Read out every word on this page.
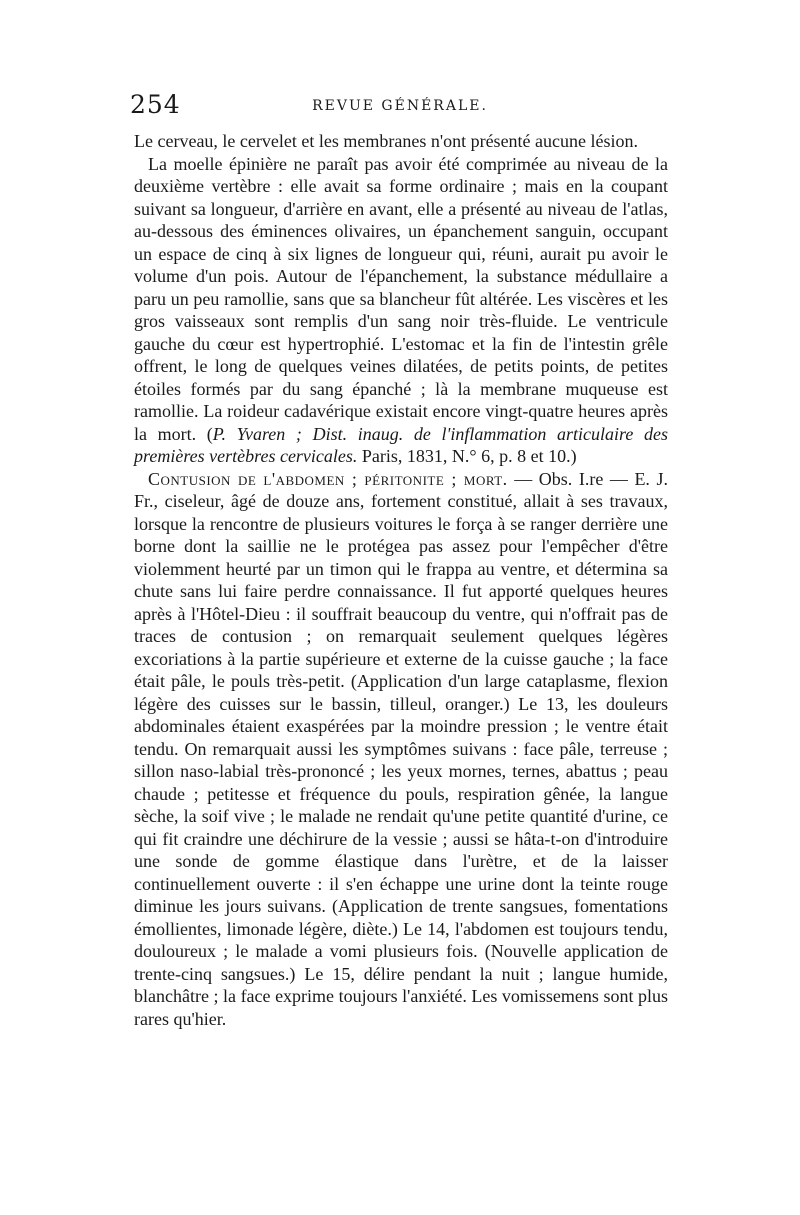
254	REVUE GÉNÉRALE.

Le cerveau, le cervelet et les membranes n'ont présenté aucune lésion.

La moelle épinière ne paraît pas avoir été comprimée au niveau de la deuxième vertèbre : elle avait sa forme ordinaire ; mais en la coupant suivant sa longueur, d'arrière en avant, elle a présenté au niveau de l'atlas, au-dessous des éminences olivaires, un épanchement sanguin, occupant un espace de cinq à six lignes de longueur qui, réuni, aurait pu avoir le volume d'un pois. Autour de l'épanchement, la substance médullaire a paru un peu ramollie, sans que sa blancheur fût altérée. Les viscères et les gros vaisseaux sont remplis d'un sang noir très-fluide. Le ventricule gauche du cœur est hypertrophié. L'estomac et la fin de l'intestin grêle offrent, le long de quelques veines dilatées, de petits points, de petites étoiles formés par du sang épanché ; là la membrane muqueuse est ramollie. La roideur cadavérique existait encore vingt-quatre heures après la mort. (P. Yvaren ; Dist. inaug. de l'inflammation articulaire des premières vertèbres cervicales. Paris, 1831, N.° 6, p. 8 et 10.)

Contusion de l'abdomen ; péritonite ; mort. — Obs. I.re — E. J. Fr., ciseleur, âgé de douze ans, fortement constitué, allait à ses travaux, lorsque la rencontre de plusieurs voitures le força à se ranger derrière une borne dont la saillie ne le protégea pas assez pour l'empêcher d'être violemment heurté par un timon qui le frappa au ventre, et détermina sa chute sans lui faire perdre connaissance. Il fut apporté quelques heures après à l'Hôtel-Dieu : il souffrait beaucoup du ventre, qui n'offrait pas de traces de contusion ; on remarquait seulement quelques légères excoriations à la partie supérieure et externe de la cuisse gauche ; la face était pâle, le pouls très-petit. (Application d'un large cataplasme, flexion légère des cuisses sur le bassin, tilleul, oranger.) Le 13, les douleurs abdominales étaient exaspérées par la moindre pression ; le ventre était tendu. On remarquait aussi les symptômes suivans : face pâle, terreuse ; sillon naso-labial très-prononcé ; les yeux mornes, ternes, abattus ; peau chaude ; petitesse et fréquence du pouls, respiration gênée, la langue sèche, la soif vive ; le malade ne rendait qu'une petite quantité d'urine, ce qui fit craindre une déchirure de la vessie ; aussi se hâta-t-on d'introduire une sonde de gomme élastique dans l'urètre, et de la laisser continuellement ouverte : il s'en échappe une urine dont la teinte rouge diminue les jours suivans. (Application de trente sangsues, fomentations émollientes, limonade légère, diète.) Le 14, l'abdomen est toujours tendu, douloureux ; le malade a vomi plusieurs fois. (Nouvelle application de trente-cinq sangsues.) Le 15, délire pendant la nuit ; langue humide, blanchâtre ; la face exprime toujours l'anxiété. Les vomissemens sont plus rares qu'hier.
